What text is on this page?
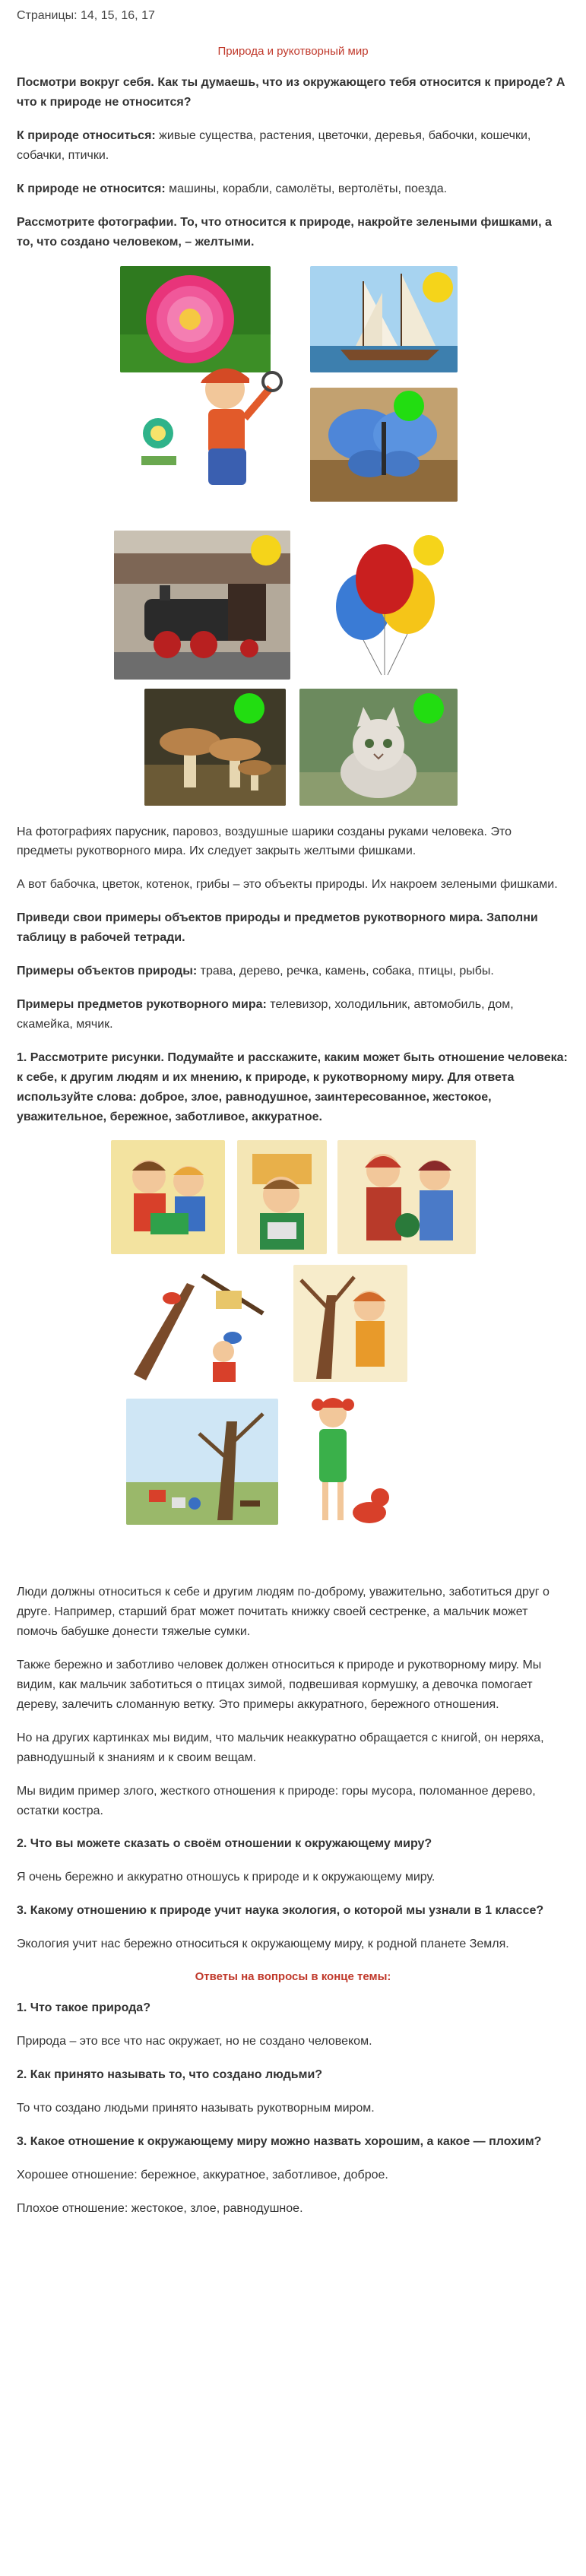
Страницы: 14, 15, 16, 17
Природа и рукотворный мир

Посмотри вокруг себя. Как ты думаешь, что из окружающего тебя относится к природе? А что к природе не относится?

К природе относиться: живые существа, растения, цветочки, деревья, бабочки, кошечки, собачки, птички.

К природе не относится: машины, корабли, самолёты, вертолёты, поезда.

Рассмотрите фотографии. То, что относится к природе, накройте зелеными фишками, а то, что создано человеком, – желтыми.

На фотографиях парусник, паровоз, воздушные шарики созданы руками человека. Это предметы рукотворного мира. Их следует закрыть желтыми фишками.

А вот бабочка, цветок, котенок, грибы – это объекты природы. Их накроем зелеными фишками.

Приведи свои примеры объектов природы и предметов рукотворного мира. Заполни таблицу в рабочей тетради.

Примеры объектов природы: трава, дерево, речка, камень, собака, птицы, рыбы.

Примеры предметов рукотворного мира: телевизор, холодильник, автомобиль, дом, скамейка, мячик.

1. Рассмотрите рисунки. Подумайте и расскажите, каким может быть отношение человека: к себе, к другим людям и их мнению, к природе, к рукотворному миру. Для ответа используйте слова: доброе, злое, равнодушное, заинтересованное, жестокое, уважительное, бережное, заботливое, аккуратное.

Люди должны относиться к себе и другим людям по-доброму, уважительно, заботиться друг о друге. Например, старший брат может почитать книжку своей сестренке, а мальчик может помочь бабушке донести тяжелые сумки.

Также бережно и заботливо человек должен относиться к природе и рукотворному миру. Мы видим, как мальчик заботиться о птицах зимой, подвешивая кормушку, а девочка помогает дереву, залечить сломанную ветку. Это примеры аккуратного, бережного отношения.

Но на других картинках мы видим, что мальчик неаккуратно обращается с книгой, он неряха, равнодушный к знаниям и к своим вещам.

Мы видим пример злого, жесткого отношения к природе: горы мусора, поломанное дерево, остатки костра.

2. Что вы можете сказать о своём отношении к окружающему миру?

Я очень бережно и аккуратно отношусь к природе и к окружающему миру.

3. Какому отношению к природе учит наука экология, о которой мы узнали в 1 классе?

Экология учит нас бережно относиться к окружающему миру, к родной планете Земля.

Ответы на вопросы в конце темы:

1. Что такое природа?

Природа – это все что нас окружает, но не создано человеком.

2. Как принято называть то, что создано людьми?

То что создано людьми принято называть рукотворным миром.

3. Какое отношение к окружающему миру можно назвать хорошим, а какое — плохим?

Хорошее отношение: бережное, аккуратное, заботливое, доброе.

Плохое отношение: жестокое, злое, равнодушное.
